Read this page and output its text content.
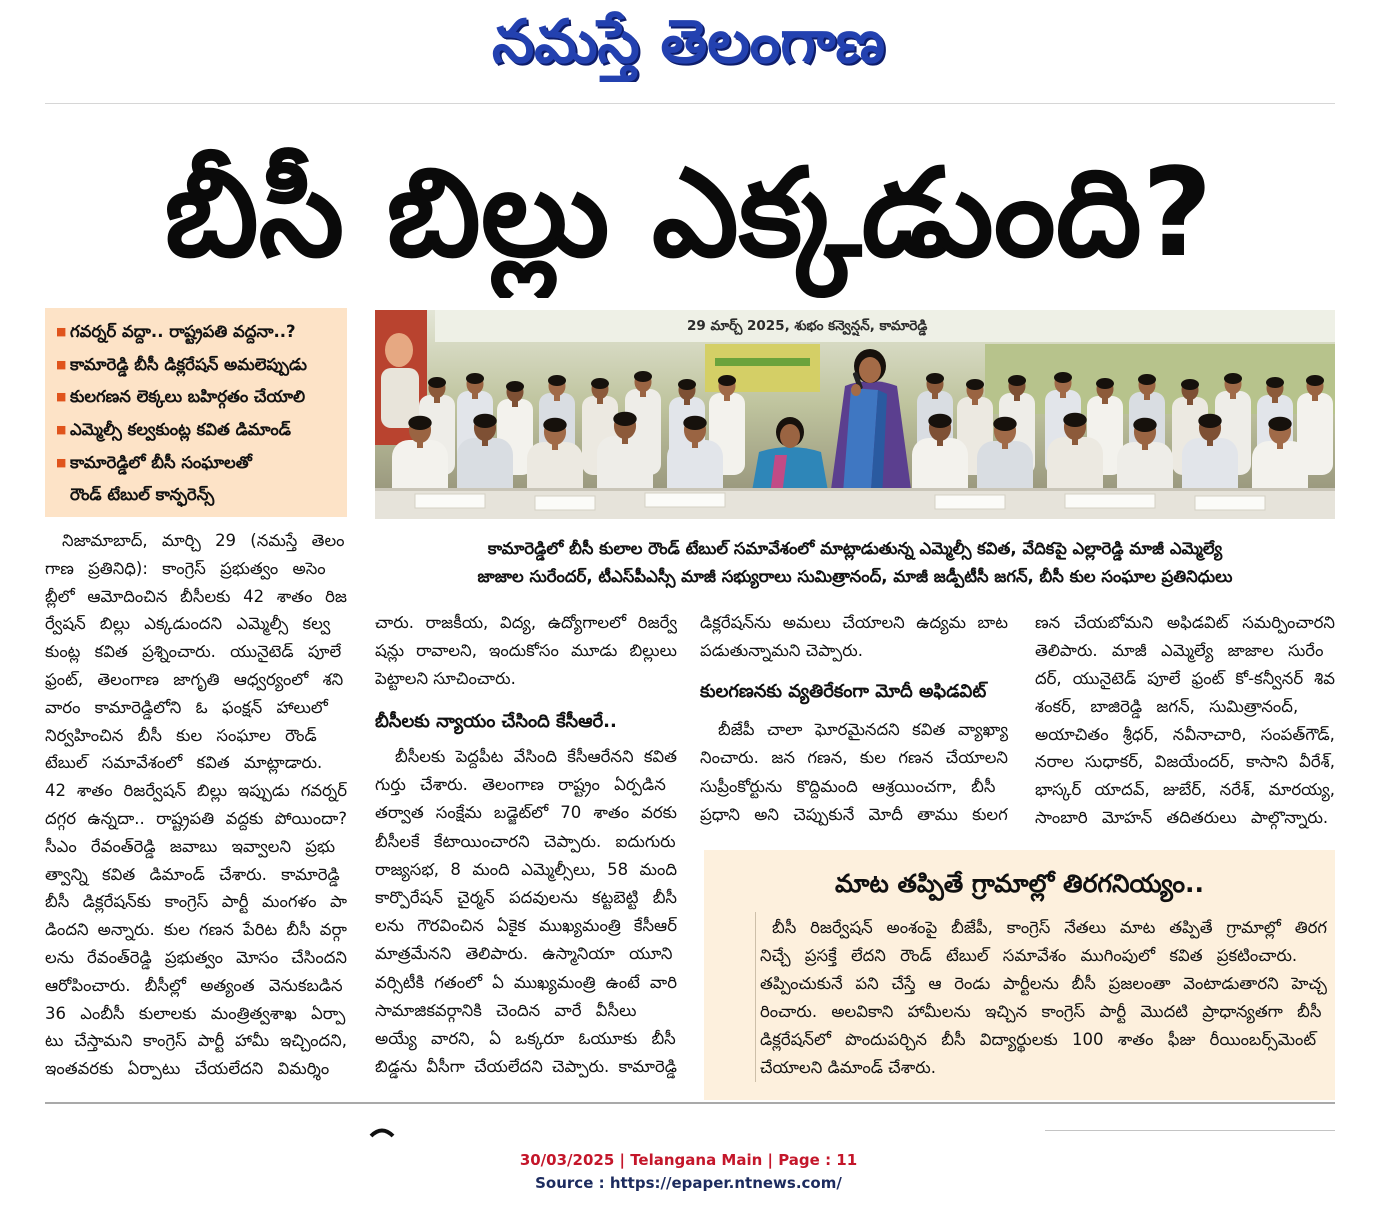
నమస్తే తెలంగాణ
బీసీ బిల్లు ఎక్కడుంది?
■
గవర్నర్ వద్దా.. రాష్ట్రపతి వద్దనా..?
■
కామారెడ్డి బీసీ డిక్లరేషన్ అమలెప్పుడు
■
కులగణన లెక్కలు బహిర్గతం చేయాలి
■
ఎమ్మెల్సీ కల్వకుంట్ల కవిత డిమాండ్
■
కామారెడ్డిలో బీసీ సంఘాలతో
రౌండ్ టేబుల్ కాన్ఫరెన్స్
29 మార్చ్ 2025, శుభం కన్వెన్షన్, కామారెడ్డి
కామారెడ్డిలో బీసీ కులాల రౌండ్ టేబుల్ సమావేశంలో మాట్లాడుతున్న ఎమ్మెల్సీ కవిత, వేదికపై ఎల్లారెడ్డి మాజీ ఎమ్మెల్యే
జాజాల సురేందర్, టీఎస్‌పీఎస్సీ మాజీ సభ్యురాలు సుమిత్రానంద్, మాజీ జడ్పీటీసీ జగన్, బీసీ కుల సంఘాల ప్రతినిధులు
నిజామాబాద్, మార్చి 29 (నమస్తే తెలం
గాణ ప్రతినిధి): కాంగ్రెస్ ప్రభుత్వం అసెం
బ్లీలో ఆమోదించిన బీసీలకు 42 శాతం రిజ
ర్వేషన్ బిల్లు ఎక్కడుందని ఎమ్మెల్సీ కల్వ
కుంట్ల కవిత ప్రశ్నించారు. యునైటెడ్ పూలే
ఫ్రంట్, తెలంగాణ జాగృతి ఆధ్వర్యంలో శని
వారం కామారెడ్డిలోని ఓ ఫంక్షన్ హాలులో
నిర్వహించిన బీసీ కుల సంఘాల రౌండ్
టేబుల్ సమావేశంలో కవిత మాట్లాడారు.
42 శాతం రిజర్వేషన్ బిల్లు ఇప్పుడు గవర్నర్
దగ్గర ఉన్నదా.. రాష్ట్రపతి వద్దకు పోయిందా?
సీఎం రేవంత్‌రెడ్డి జవాబు ఇవ్వాలని ప్రభు
త్వాన్ని కవిత డిమాండ్ చేశారు. కామారెడ్డి
బీసీ డిక్లరేషన్‌కు కాంగ్రెస్ పార్టీ మంగళం పా
డిందని అన్నారు. కుల గణన పేరిట బీసీ వర్గా
లను రేవంత్‌రెడ్డి ప్రభుత్వం మోసం చేసిందని
ఆరోపించారు. బీసీల్లో అత్యంత వెనుకబడిన
36 ఎంబీసీ కులాలకు మంత్రిత్వశాఖ ఏర్పా
టు చేస్తామని కాంగ్రెస్ పార్టీ హామీ ఇచ్చిందని,
ఇంతవరకు ఏర్పాటు చేయలేదని విమర్శిం
చారు. రాజకీయ, విద్య, ఉద్యోగాలలో రిజర్వే
షన్లు రావాలని, ఇందుకోసం మూడు బిల్లులు
పెట్టాలని సూచించారు.
బీసీలకు న్యాయం చేసింది కేసీఆరే..
బీసీలకు పెద్దపీట వేసింది కేసీఆరేనని కవిత
గుర్తు చేశారు. తెలంగాణ రాష్ట్రం ఏర్పడిన
తర్వాత సంక్షేమ బడ్జెట్‌లో 70 శాతం వరకు
బీసీలకే కేటాయించారని చెప్పారు. ఐదుగురు
రాజ్యసభ, 8 మంది ఎమ్మెల్సీలు, 58 మంది
కార్పొరేషన్ చైర్మన్ పదవులను కట్టబెట్టి బీసీ
లను గౌరవించిన ఏకైక ముఖ్యమంత్రి కేసీఆర్
మాత్రమేనని తెలిపారు. ఉస్మానియా యూని
వర్సిటీకి గతంలో ఏ ముఖ్యమంత్రి ఉంటే వారి
సామాజికవర్గానికి చెందిన వారే వీసీలు
అయ్యే వారని, ఏ ఒక్కరూ ఓయూకు బీసీ
బిడ్డను వీసీగా చేయలేదని చెప్పారు. కామారెడ్డి
డిక్లరేషన్‌ను అమలు చేయాలని ఉద్యమ బాట
పడుతున్నామని చెప్పారు.
కులగణనకు వ్యతిరేకంగా మోదీ అఫిడవిట్
బీజేపీ చాలా ఘోరమైనదని కవిత వ్యాఖ్యా
నించారు. జన గణన, కుల గణన చేయాలని
సుప్రీంకోర్టును కొద్దిమంది ఆశ్రయించగా, బీసీ
ప్రధాని అని చెప్పుకునే మోదీ తాము కులగ
ణన చేయబోమని అఫిడవిట్ సమర్పించారని
తెలిపారు. మాజీ ఎమ్మెల్యే జాజాల సురేం
దర్, యునైటెడ్ పూలే ఫ్రంట్ కో-కన్వీనర్ శివ
శంకర్, బాజిరెడ్డి జగన్, సుమిత్రానంద్,
అయాచితం శ్రీధర్, నవీనాచారి, సంపత్‌గౌడ్,
నరాల సుధాకర్, విజయేందర్, కాసాని వీరేశ్,
భాస్కర్ యాదవ్, జుబేర్, నరేశ్, మారయ్య,
సాంబారి మోహన్ తదితరులు పాల్గొన్నారు.
మాట తప్పితే గ్రామాల్లో తిరగనియ్యం..
బీసీ రిజర్వేషన్ అంశంపై బీజేపీ, కాంగ్రెస్ నేతలు మాట తప్పితే గ్రామాల్లో తిరగ
నిచ్చే ప్రసక్తే లేదని రౌండ్ టేబుల్ సమావేశం ముగింపులో కవిత ప్రకటించారు.
తప్పించుకునే పని చేస్తే ఆ రెండు పార్టీలను బీసీ ప్రజలంతా వెంటాడుతారని హెచ్చ
రించారు. అలవికాని హామీలను ఇచ్చిన కాంగ్రెస్ పార్టీ మొదటి ప్రాధాన్యతగా బీసీ
డిక్లరేషన్‌లో పొందుపర్చిన బీసీ విద్యార్థులకు 100 శాతం ఫీజు రీయింబర్స్‌మెంట్
చేయాలని డిమాండ్ చేశారు.
30/03/2025 | Telangana Main | Page : 11
Source : https://epaper.ntnews.com/
